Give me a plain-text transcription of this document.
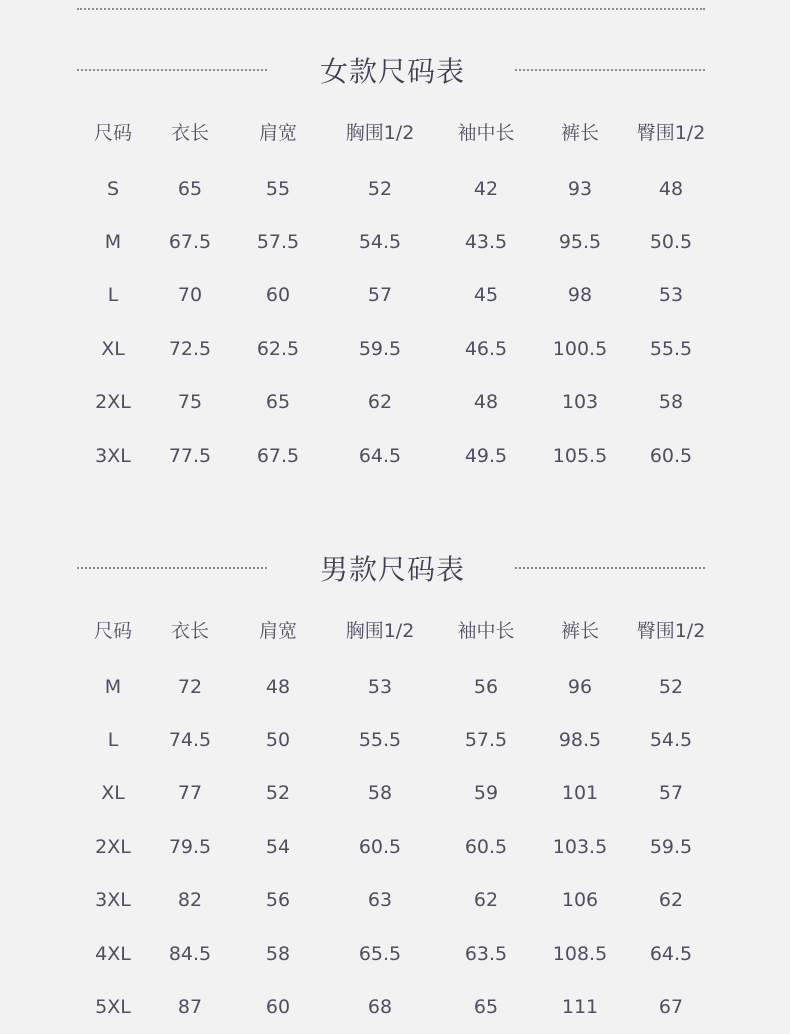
女款尺码表
尺码	衣长	肩宽	胸围1/2	袖中长	裤长	臀围1/2
S	65	55	52	42	93	48
M	67.5	57.5	54.5	43.5	95.5	50.5
L	70	60	57	45	98	53
XL	72.5	62.5	59.5	46.5	100.5	55.5
2XL	75	65	62	48	103	58
3XL	77.5	67.5	64.5	49.5	105.5	60.5
男款尺码表
尺码	衣长	肩宽	胸围1/2	袖中长	裤长	臀围1/2
M	72	48	53	56	96	52
L	74.5	50	55.5	57.5	98.5	54.5
XL	77	52	58	59	101	57
2XL	79.5	54	60.5	60.5	103.5	59.5
3XL	82	56	63	62	106	62
4XL	84.5	58	65.5	63.5	108.5	64.5
5XL	87	60	68	65	111	67
